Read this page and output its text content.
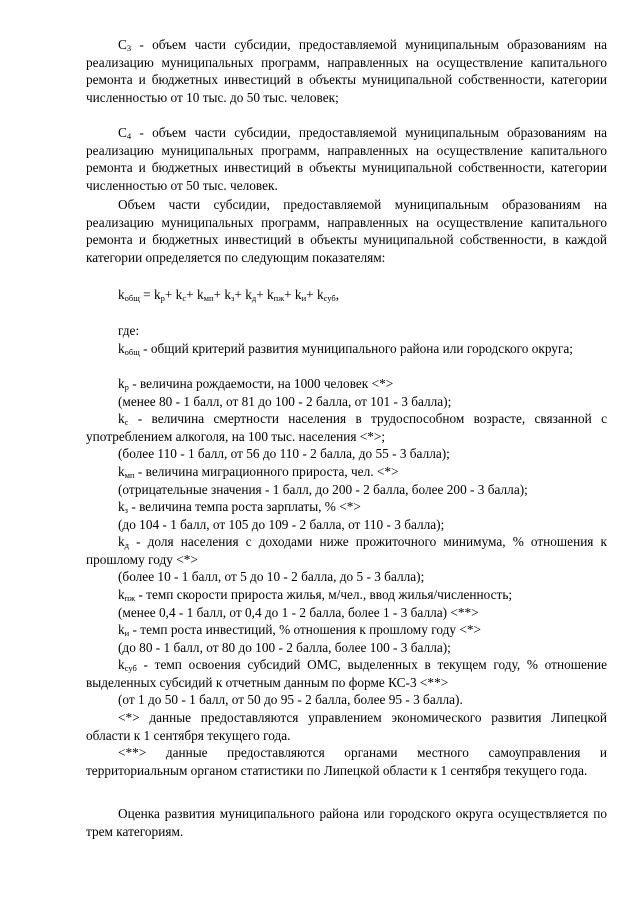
$С_3$ - объем части субсидии, предоставляемой муниципальным образованиям на реализацию муниципальных программ, направленных на осуществление капитального ремонта и бюджетных инвестиций в объекты муниципальной собственности, категории численностью от 10 тыс. до 50 тыс. человек;

$С_4$ - объем части субсидии, предоставляемой муниципальным образованиям на реализацию муниципальных программ, направленных на осуществление капитального ремонта и бюджетных инвестиций в объекты муниципальной собственности, категории численностью от 50 тыс. человек.

Объем части субсидии, предоставляемой муниципальным образованиям на реализацию муниципальных программ, направленных на осуществление капитального ремонта и бюджетных инвестиций в объекты муниципальной собственности, в каждой категории определяется по следующим показателям:

$k_{общ} = k_р+ k_с+ k_{мп}+ k_з+ k_д+ k_{пж}+ k_и+ k_{суб}$,

где:

$k_{общ}$ - общий критерий развития муниципального района или городского округа;

$k_р$ - величина рождаемости, на 1000 человек <*>

(менее 80 - 1 балл, от 81 до 100 - 2 балла, от 101 - 3 балла);

$k_с$ - величина смертности населения в трудоспособном возрасте, связанной с употреблением алкоголя, на 100 тыс. населения <*>;

(более 110 - 1 балл, от 56 до 110 - 2 балла, до 55 - 3 балла);

$k_{мп}$ - величина миграционного прироста, чел. <*>

(отрицательные значения - 1 балл, до 200 - 2 балла, более 200 - 3 балла);

$k_з$ - величина темпа роста зарплаты, % <*>

(до 104 - 1 балл, от 105 до 109 - 2 балла, от 110 - 3 балла);

$k_д$ - доля населения с доходами ниже прожиточного минимума, % отношения к прошлому году <*>

(более 10 - 1 балл, от 5 до 10 - 2 балла, до 5 - 3 балла);

$k_{пж}$ - темп скорости прироста жилья, м/чел., ввод жилья/численность;

(менее 0,4 - 1 балл, от 0,4 до 1 - 2 балла, более 1 - 3 балла) <**>

$k_и$ - темп роста инвестиций, % отношения к прошлому году <*>

(до 80 - 1 балл, от 80 до 100 - 2 балла, более 100 - 3 балла);

$k_{суб}$ - темп освоения субсидий ОМС, выделенных в текущем году, % отношение выделенных субсидий к отчетным данным по форме КС-3 <**>

(от 1 до 50 - 1 балл, от 50 до 95 - 2 балла, более 95 - 3 балла).

<*> данные предоставляются управлением экономического развития Липецкой области к 1 сентября текущего года.

<**> данные предоставляются органами местного самоуправления и территориальным органом статистики по Липецкой области к 1 сентября текущего года.

Оценка развития муниципального района или городского округа осуществляется по трем категориям.
